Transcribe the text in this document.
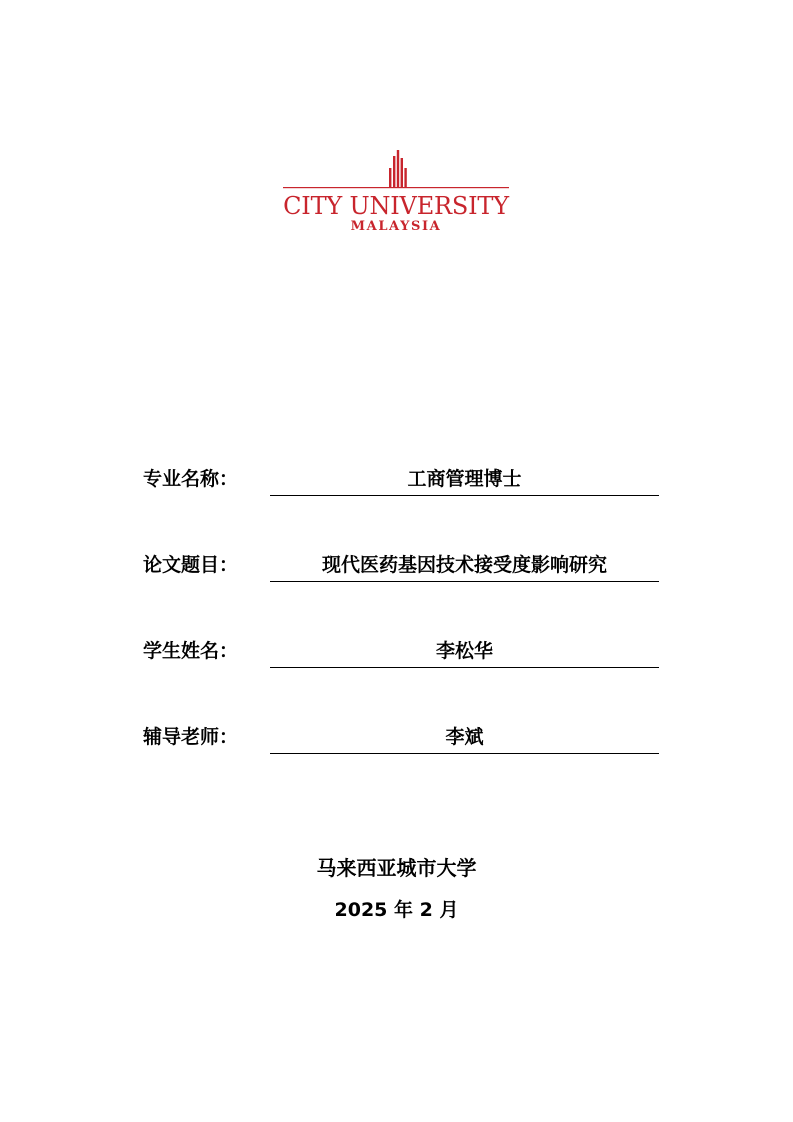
CITY UNIVERSITY
MALAYSIA
专业名称：	工商管理博士
论文题目：	现代医药基因技术接受度影响研究
学生姓名：	李松华
辅导老师：	李斌
马来西亚城市大学
2025 年 2 月
